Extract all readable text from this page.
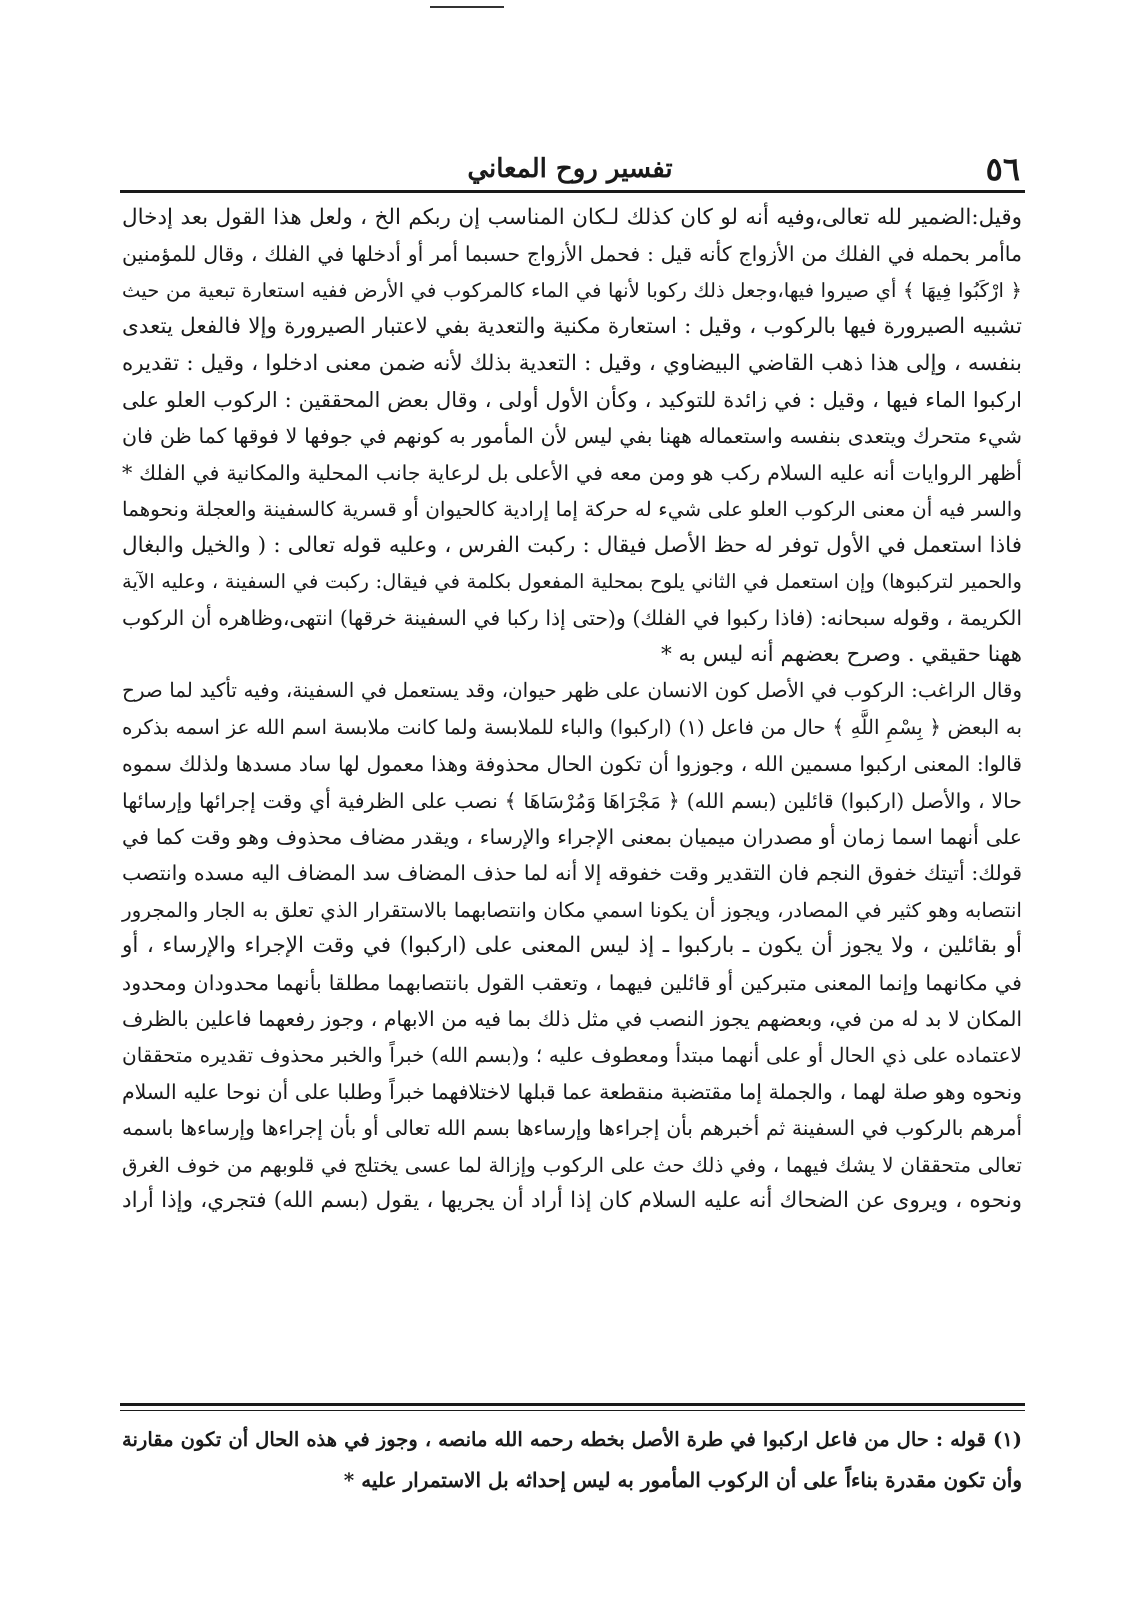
٥٦
تفسير روح المعاني

وقيل:الضمير لله تعالى،وفيه أنه لو كان كذلك لـكان المناسب إن ربكم الخ ، ولعل هذا القول بعد إدخال

ماأمر بحمله في الفلك من الأزواج كأنه قيل : فحمل الأزواج حسبما أمر أو أدخلها في الفلك ، وقال للمؤمنين

﴿ ارْكَبُوا فِيهَا ﴾ أي صيروا فيها،وجعل ذلك ركوبا لأنها في الماء كالمركوب في الأرض ففيه استعارة تبعية من حيث

تشبيه الصيرورة فيها بالركوب ، وقيل : استعارة مكنية والتعدية بفي لاعتبار الصيرورة وإلا فالفعل يتعدى

بنفسه ، وإلى هذا ذهب القاضي البيضاوي ، وقيل : التعدية بذلك لأنه ضمن معنى ادخلوا ، وقيل : تقديره

اركبوا الماء فيها ، وقيل : في زائدة للتوكيد ، وكأن الأول أولى ، وقال بعض المحققين : الركوب العلو على

شيء متحرك ويتعدى بنفسه واستعماله ههنا بفي ليس لأن المأمور به كونهم في جوفها لا فوقها كما ظن فان

أظهر الروايات أنه عليه السلام ركب هو ومن معه في الأعلى بل لرعاية جانب المحلية والمكانية في الفلك *

والسر فيه أن معنى الركوب العلو على شيء له حركة إما إرادية كالحيوان أو قسرية كالسفينة والعجلة ونحوهما

فاذا استعمل في الأول توفر له حظ الأصل فيقال : ركبت الفرس ، وعليه قوله تعالى : ( والخيل والبغال

والحمير لتركبوها) وإن استعمل في الثاني يلوح بمحلية المفعول بكلمة في فيقال: ركبت في السفينة ، وعليه الآية

الكريمة ، وقوله سبحانه: (فاذا ركبوا في الفلك) و(حتى إذا ركبا في السفينة خرقها) انتهى،وظاهره أن الركوب

ههنا حقيقي . وصرح بعضهم أنه ليس به *

وقال الراغب: الركوب في الأصل كون الانسان على ظهر حيوان، وقد يستعمل في السفينة، وفيه تأكيد لما صرح

به البعض ﴿ بِسْمِ اللَّهِ ﴾ حال من فاعل (١) (اركبوا) والباء للملابسة ولما كانت ملابسة اسم الله عز اسمه بذكره

قالوا: المعنى اركبوا مسمين الله ، وجوزوا أن تكون الحال محذوفة وهذا معمول لها ساد مسدها ولذلك سموه

حالا ، والأصل (اركبوا) قائلين (بسم الله) ﴿ مَجْرَاهَا وَمُرْسَاهَا ﴾ نصب على الظرفية أي وقت إجرائها وإرسائها

على أنهما اسما زمان أو مصدران ميميان بمعنى الإجراء والإرساء ، ويقدر مضاف محذوف وهو وقت كما في

قولك: أتيتك خفوق النجم فان التقدير وقت خفوقه إلا أنه لما حذف المضاف سد المضاف اليه مسده وانتصب

انتصابه وهو كثير في المصادر، ويجوز أن يكونا اسمي مكان وانتصابهما بالاستقرار الذي تعلق به الجار والمجرور

أو بقائلين ، ولا يجوز أن يكون ـ باركبوا ـ إذ ليس المعنى على (اركبوا) في وقت الإجراء والإرساء ، أو

في مكانهما وإنما المعنى متبركين أو قائلين فيهما ، وتعقب القول بانتصابهما مطلقا بأنهما محدودان ومحدود

المكان لا بد له من في، وبعضهم يجوز النصب في مثل ذلك بما فيه من الابهام ، وجوز رفعهما فاعلين بالظرف

لاعتماده على ذي الحال أو على أنهما مبتدأ ومعطوف عليه ؛ و(بسم الله) خبراً والخبر محذوف تقديره متحققان

ونحوه وهو صلة لهما ، والجملة إما مقتضبة منقطعة عما قبلها لاختلافهما خبراً وطلبا على أن نوحا عليه السلام

أمرهم بالركوب في السفينة ثم أخبرهم بأن إجراءها وإرساءها بسم الله تعالى أو بأن إجراءها وإرساءها باسمه

تعالى متحققان لا يشك فيهما ، وفي ذلك حث على الركوب وإزالة لما عسى يختلج في قلوبهم من خوف الغرق

ونحوه ، ويروى عن الضحاك أنه عليه السلام كان إذا أراد أن يجريها ، يقول (بسم الله) فتجري، وإذا أراد

(١) قوله : حال من فاعل اركبوا في طرة الأصل بخطه رحمه الله مانصه ، وجوز في هذه الحال أن تكون مقارنة

وأن تكون مقدرة بناءاً على أن الركوب المأمور به ليس إحداثه بل الاستمرار عليه *
